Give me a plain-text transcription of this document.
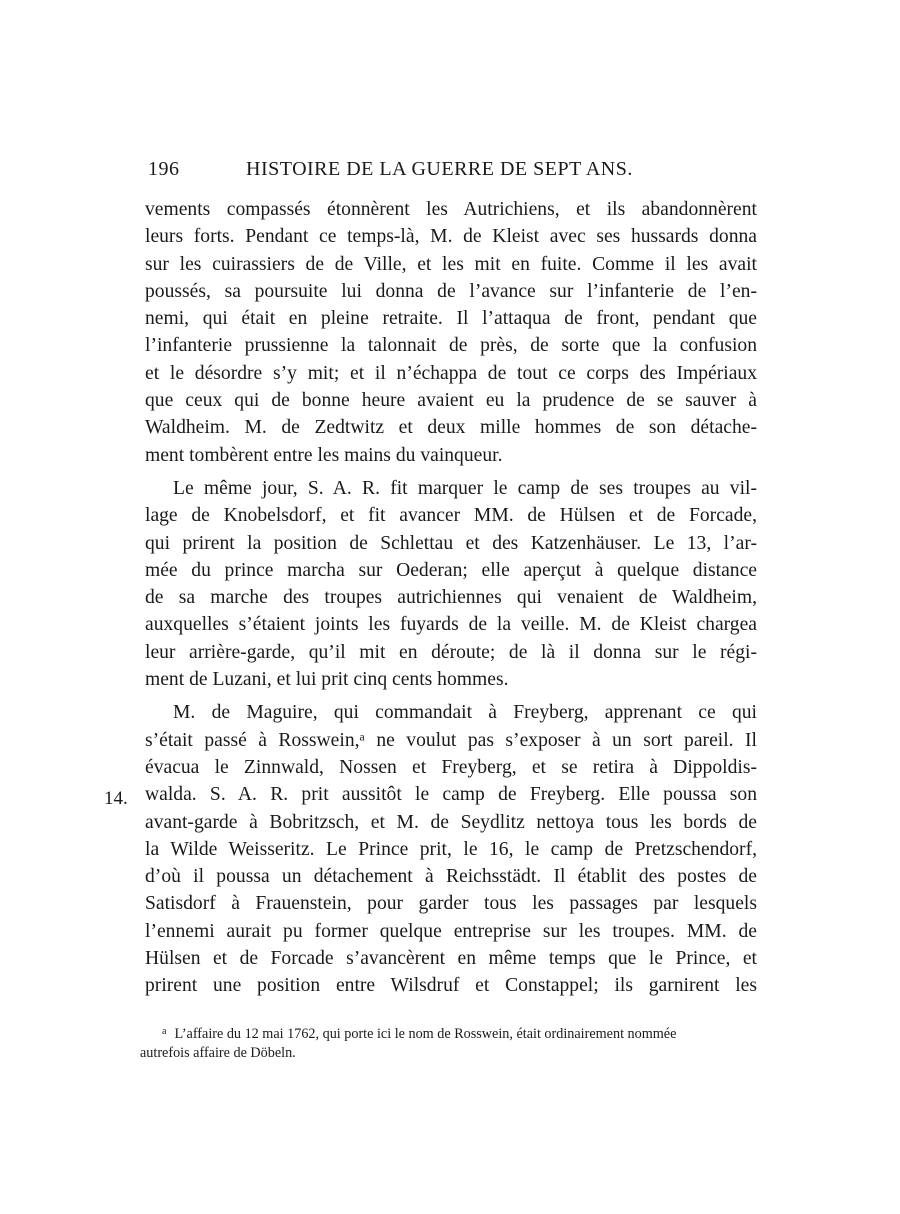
196	HISTOIRE DE LA GUERRE DE SEPT ANS.
14.
vements compassés étonnèrent les Autrichiens, et ils abandonnèrent
leurs forts. Pendant ce temps-là, M. de Kleist avec ses hussards donna
sur les cuirassiers de de Ville, et les mit en fuite. Comme il les avait
poussés, sa poursuite lui donna de l’avance sur l’infanterie de l’en-
nemi, qui était en pleine retraite. Il l’attaqua de front, pendant que
l’infanterie prussienne la talonnait de près, de sorte que la confusion
et le désordre s’y mit; et il n’échappa de tout ce corps des Impériaux
que ceux qui de bonne heure avaient eu la prudence de se sauver à
Waldheim. M. de Zedtwitz et deux mille hommes de son détache-
ment tombèrent entre les mains du vainqueur.
Le même jour, S. A. R. fit marquer le camp de ses troupes au vil-
lage de Knobelsdorf, et fit avancer MM. de Hülsen et de Forcade,
qui prirent la position de Schlettau et des Katzenhäuser. Le 13, l’ar-
mée du prince marcha sur Oederan; elle aperçut à quelque distance
de sa marche des troupes autrichiennes qui venaient de Waldheim,
auxquelles s’étaient joints les fuyards de la veille. M. de Kleist chargea
leur arrière-garde, qu’il mit en déroute; de là il donna sur le régi-
ment de Luzani, et lui prit cinq cents hommes.
M. de Maguire, qui commandait à Freyberg, apprenant ce qui
s’était passé à Rosswein,ᵃ ne voulut pas s’exposer à un sort pareil. Il
évacua le Zinnwald, Nossen et Freyberg, et se retira à Dippoldis-
walda. S. A. R. prit aussitôt le camp de Freyberg. Elle poussa son
avant-garde à Bobritzsch, et M. de Seydlitz nettoya tous les bords de
la Wilde Weisseritz. Le Prince prit, le 16, le camp de Pretzschendorf,
d’où il poussa un détachement à Reichsstädt. Il établit des postes de
Satisdorf à Frauenstein, pour garder tous les passages par lesquels
l’ennemi aurait pu former quelque entreprise sur les troupes. MM. de
Hülsen et de Forcade s’avancèrent en même temps que le Prince, et
prirent une position entre Wilsdruf et Constappel; ils garnirent les
$^a$ L’affaire du 12 mai 1762, qui porte ici le nom de Rosswein, était ordinairement nommée
autrefois affaire de Döbeln.
